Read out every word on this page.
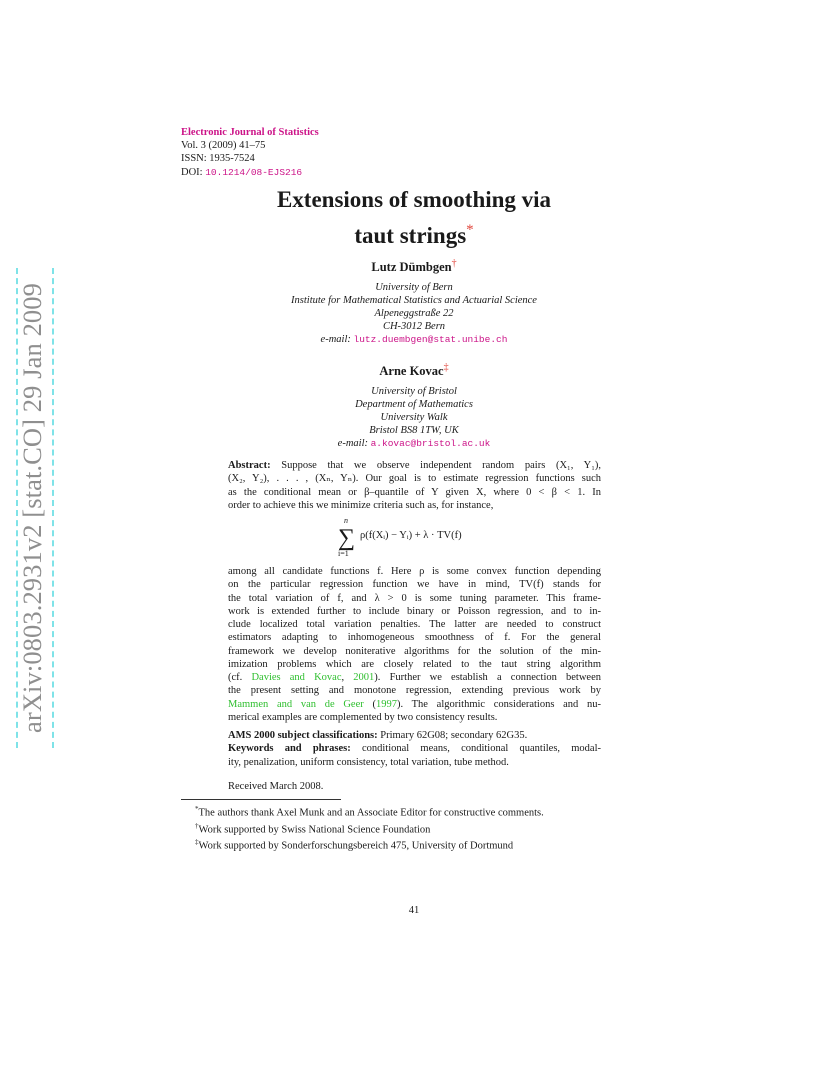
arXiv:0803.2931v2 [stat.CO] 29 Jan 2009
Electronic Journal of Statistics
Vol. 3 (2009) 41–75
ISSN: 1935-7524
DOI: 10.1214/08-EJS216
Extensions of smoothing via
taut strings*
Lutz Dümbgen†
University of Bern
Institute for Mathematical Statistics and Actuarial Science
Alpeneggstraße 22
CH-3012 Bern
e-mail: lutz.duembgen@stat.unibe.ch
Arne Kovac‡
University of Bristol
Department of Mathematics
University Walk
Bristol BS8 1TW, UK
e-mail: a.kovac@bristol.ac.uk
Abstract: Suppose that we observe independent random pairs (X₁, Y₁),
(X₂, Y₂), . . . , (Xₙ, Yₙ). Our goal is to estimate regression functions such
as the conditional mean or β–quantile of Y given X, where 0 < β < 1. In
order to achieve this we minimize criteria such as, for instance,
n
∑
i=1
ρ(f(Xᵢ) − Yᵢ) + λ · TV(f)
among all candidate functions f. Here ρ is some convex function depending
on the particular regression function we have in mind, TV(f) stands for
the total variation of f, and λ > 0 is some tuning parameter. This frame-
work is extended further to include binary or Poisson regression, and to in-
clude localized total variation penalties. The latter are needed to construct
estimators adapting to inhomogeneous smoothness of f. For the general
framework we develop noniterative algorithms for the solution of the min-
imization problems which are closely related to the taut string algorithm
(cf. Davies and Kovac, 2001). Further we establish a connection between
the present setting and monotone regression, extending previous work by
Mammen and van de Geer (1997). The algorithmic considerations and nu-
merical examples are complemented by two consistency results.
AMS 2000 subject classifications: Primary 62G08; secondary 62G35.
Keywords and phrases: conditional means, conditional quantiles, modal-
ity, penalization, uniform consistency, total variation, tube method.
Received March 2008.
*The authors thank Axel Munk and an Associate Editor for constructive comments.
†Work supported by Swiss National Science Foundation
‡Work supported by Sonderforschungsbereich 475, University of Dortmund
41
